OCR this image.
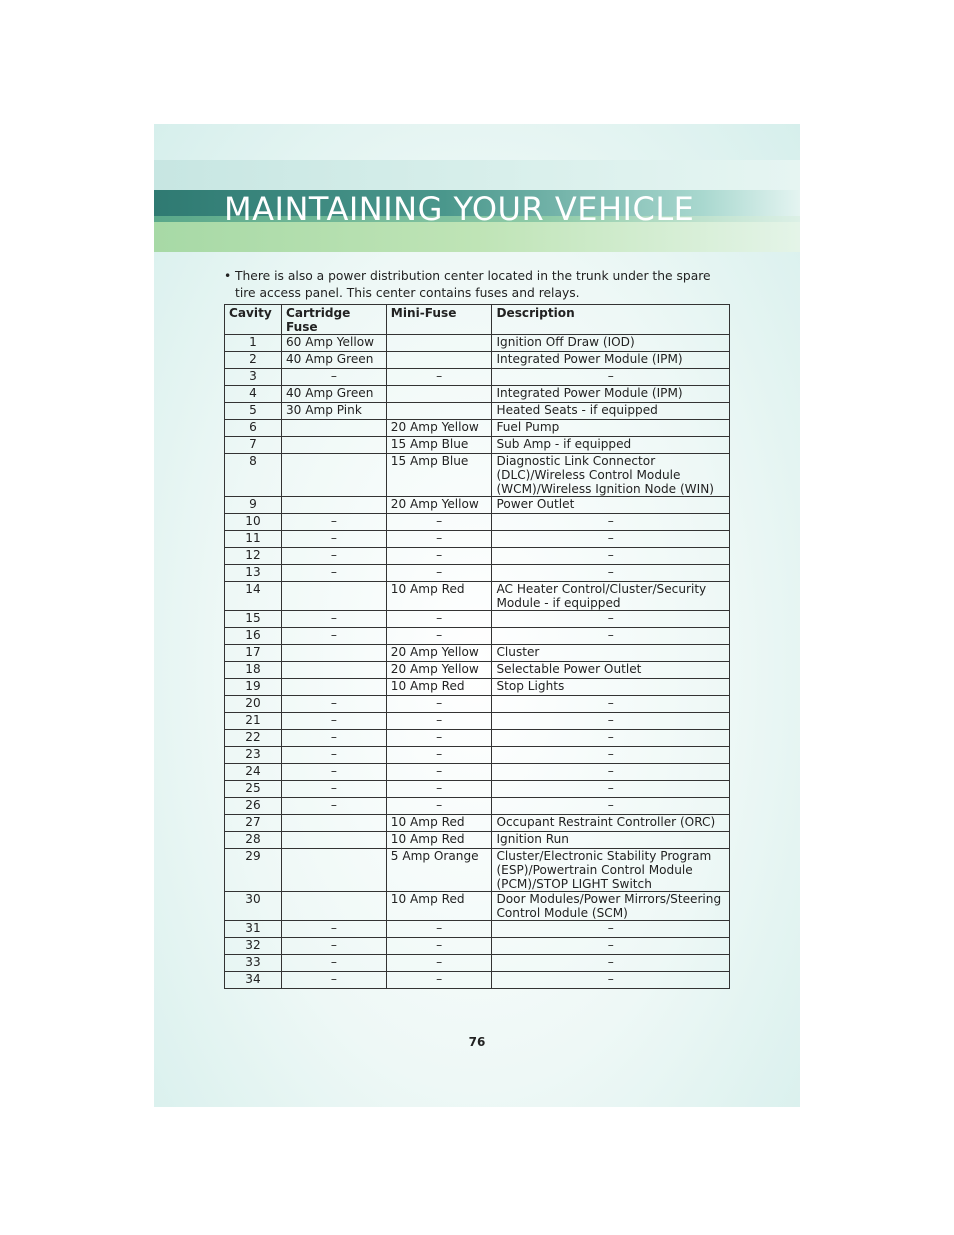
MAINTAINING YOUR VEHICLE
• There is also a power distribution center located in the trunk under the spare tire access panel. This center contains fuses and relays.
Cavity	Cartridge Fuse	Mini-Fuse	Description
1	60 Amp Yellow		Ignition Off Draw (IOD)
2	40 Amp Green		Integrated Power Module (IPM)
3	–	–	–
4	40 Amp Green		Integrated Power Module (IPM)
5	30 Amp Pink		Heated Seats - if equipped
6		20 Amp Yellow	Fuel Pump
7		15 Amp Blue	Sub Amp - if equipped
8		15 Amp Blue	Diagnostic Link Connector (DLC)/Wireless Control Module (WCM)/Wireless Ignition Node (WIN)
9		20 Amp Yellow	Power Outlet
10	–	–	–
11	–	–	–
12	–	–	–
13	–	–	–
14		10 Amp Red	AC Heater Control/Cluster/Security Module - if equipped
15	–	–	–
16	–	–	–
17		20 Amp Yellow	Cluster
18		20 Amp Yellow	Selectable Power Outlet
19		10 Amp Red	Stop Lights
20	–	–	–
21	–	–	–
22	–	–	–
23	–	–	–
24	–	–	–
25	–	–	–
26	–	–	–
27		10 Amp Red	Occupant Restraint Controller (ORC)
28		10 Amp Red	Ignition Run
29		5 Amp Orange	Cluster/Electronic Stability Program (ESP)/Powertrain Control Module (PCM)/STOP LIGHT Switch
30		10 Amp Red	Door Modules/Power Mirrors/Steering Control Module (SCM)
31	–	–	–
32	–	–	–
33	–	–	–
34	–	–	–
76
